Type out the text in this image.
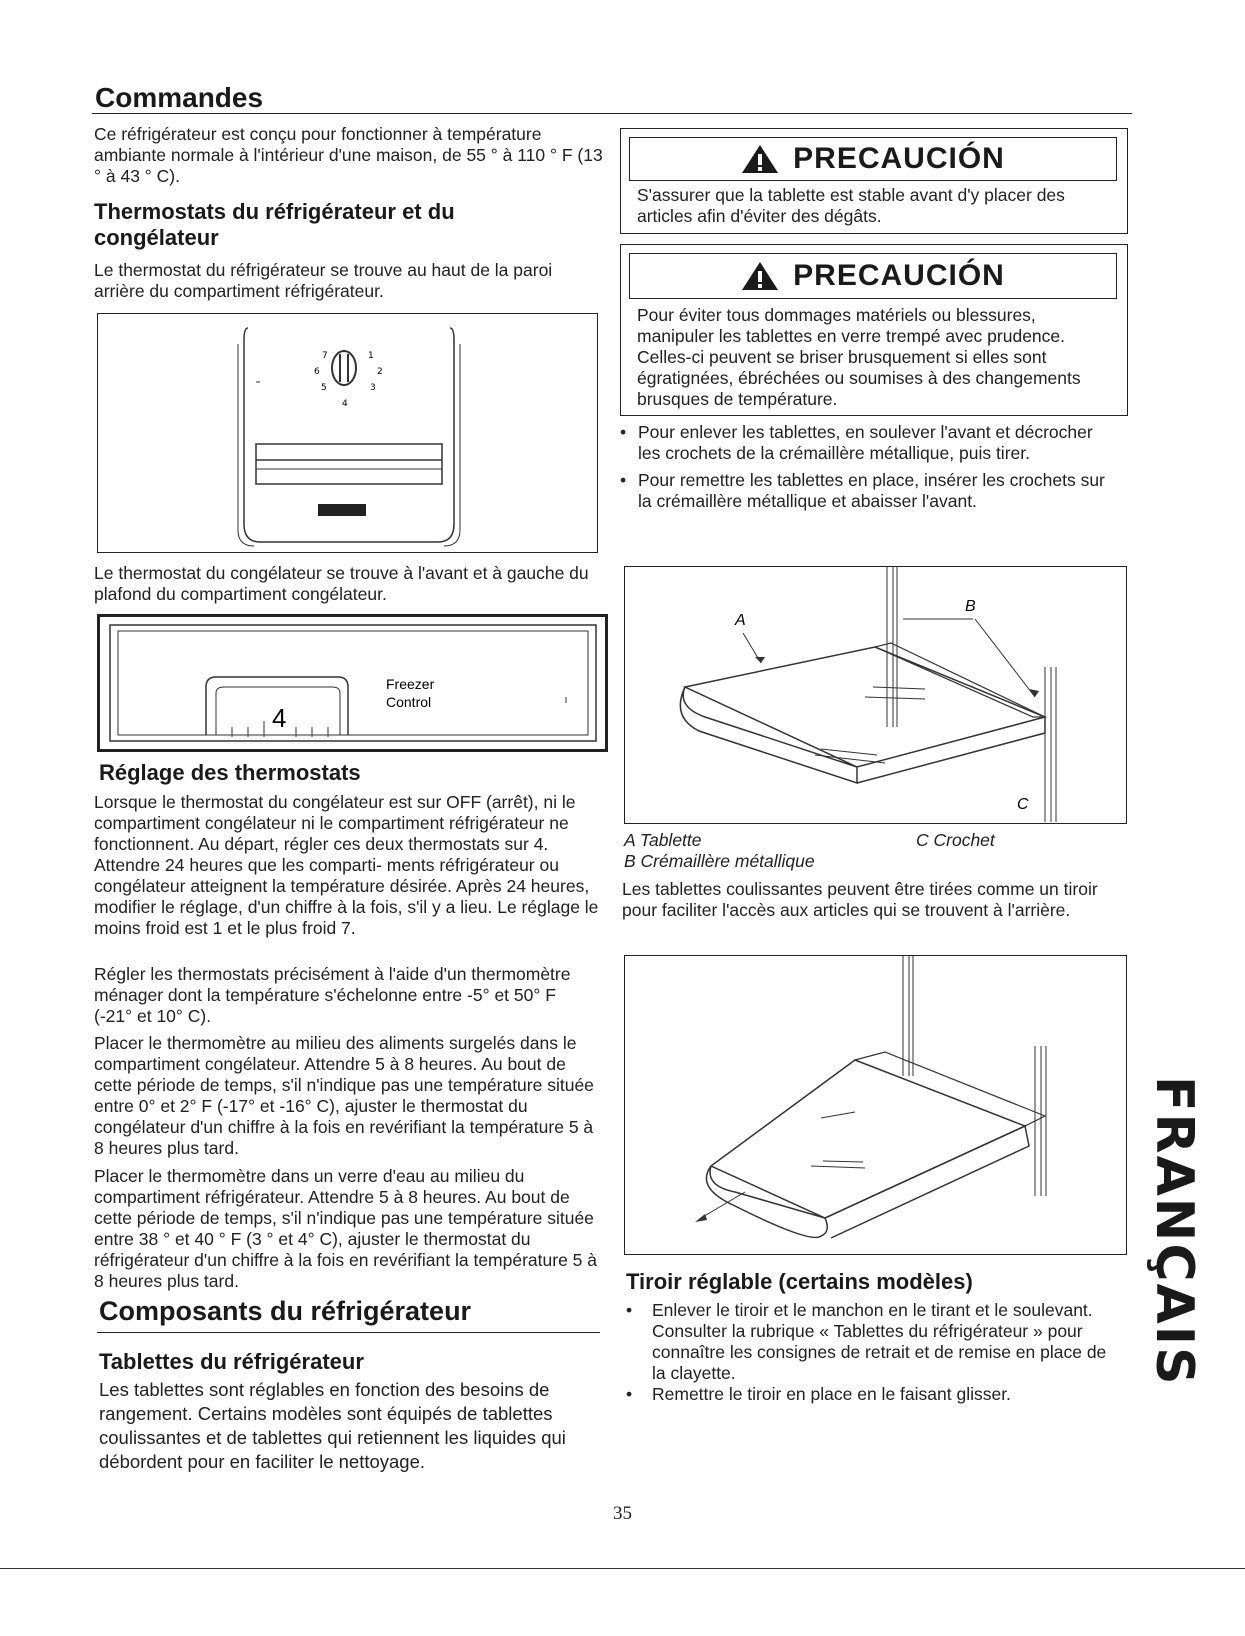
Commandes

Ce réfrigérateur est conçu pour fonctionner à température ambiante normale à l'intérieur d'une maison, de 55 ° à 110 ° F (13 ° à 43 ° C).

Thermostats du réfrigérateur et du congélateur

Le thermostat du réfrigérateur se trouve au haut de la paroi arrière du compartiment réfrigérateur.

7	1
6	2
5	3
4

Le thermostat du congélateur se trouve à l'avant et à gauche du plafond du compartiment congélateur.

4
Freezer
Control
Réglage des thermostats

Lorsque le thermostat du congélateur est sur OFF (arrêt), ni le compartiment congélateur ni le compartiment réfrigérateur ne fonctionnent. Au départ, régler ces deux thermostats sur 4. Attendre 24 heures que les comparti- ments réfrigérateur ou congélateur atteignent la température désirée. Après 24 heures, modifier le réglage, d'un chiffre à la fois, s'il y a lieu. Le réglage le moins froid est 1 et le plus froid 7.

Régler les thermostats précisément à l'aide d'un thermomètre ménager dont la température s'échelonne entre -5° et 50° F (-21° et 10° C).

Placer le thermomètre au milieu des aliments surgelés dans le compartiment congélateur. Attendre 5 à 8 heures. Au bout de cette période de temps, s'il n'indique pas une température située entre 0° et 2° F (-17° et -16° C), ajuster le thermostat du congélateur d'un chiffre à la fois en revérifiant la température 5 à 8 heures plus tard.

Placer le thermomètre dans un verre d'eau au milieu du compartiment réfrigérateur. Attendre 5 à 8 heures. Au bout de cette période de temps, s'il n'indique pas une température située entre 38 ° et 40 ° F (3 ° et 4° C), ajuster le thermostat du réfrigérateur d'un chiffre à la fois en revérifiant la température 5 à 8 heures plus tard.

Composants du réfrigérateur
Tablettes du réfrigérateur

Les tablettes sont réglables en fonction des besoins de rangement. Certains modèles sont équipés de tablettes coulissantes et de tablettes qui retiennent les liquides qui débordent pour en faciliter le nettoyage.

PRECAUCIÓN

S'assurer que la tablette est stable avant d'y placer des articles afin d'éviter des dégâts.

PRECAUCIÓN

Pour éviter tous dommages matériels ou blessures, manipuler les tablettes en verre trempé avec prudence. Celles-ci peuvent se briser brusquement si elles sont égratignées, ébréchées ou soumises à des changements brusques de température.

• Pour enlever les tablettes, en soulever l'avant et décrocher les crochets de la crémaillère métallique, puis tirer.
• Pour remettre les tablettes en place, insérer les crochets sur la crémaillère métallique et abaisser l'avant.
A
B
C

A Tablette	C Crochet

B Crémaillère métallique

Les tablettes coulissantes peuvent être tirées comme un tiroir pour faciliter l'accès aux articles qui se trouvent à l'arrière.

Tiroir réglable (certains modèles)
• Enlever le tiroir et le manchon en le tirant et le soulevant. Consulter la rubrique « Tablettes du réfrigérateur » pour connaître les consignes de retrait et de remise en place de la clayette.
• Remettre le tiroir en place en le faisant glisser.
FRANÇAIS
35
